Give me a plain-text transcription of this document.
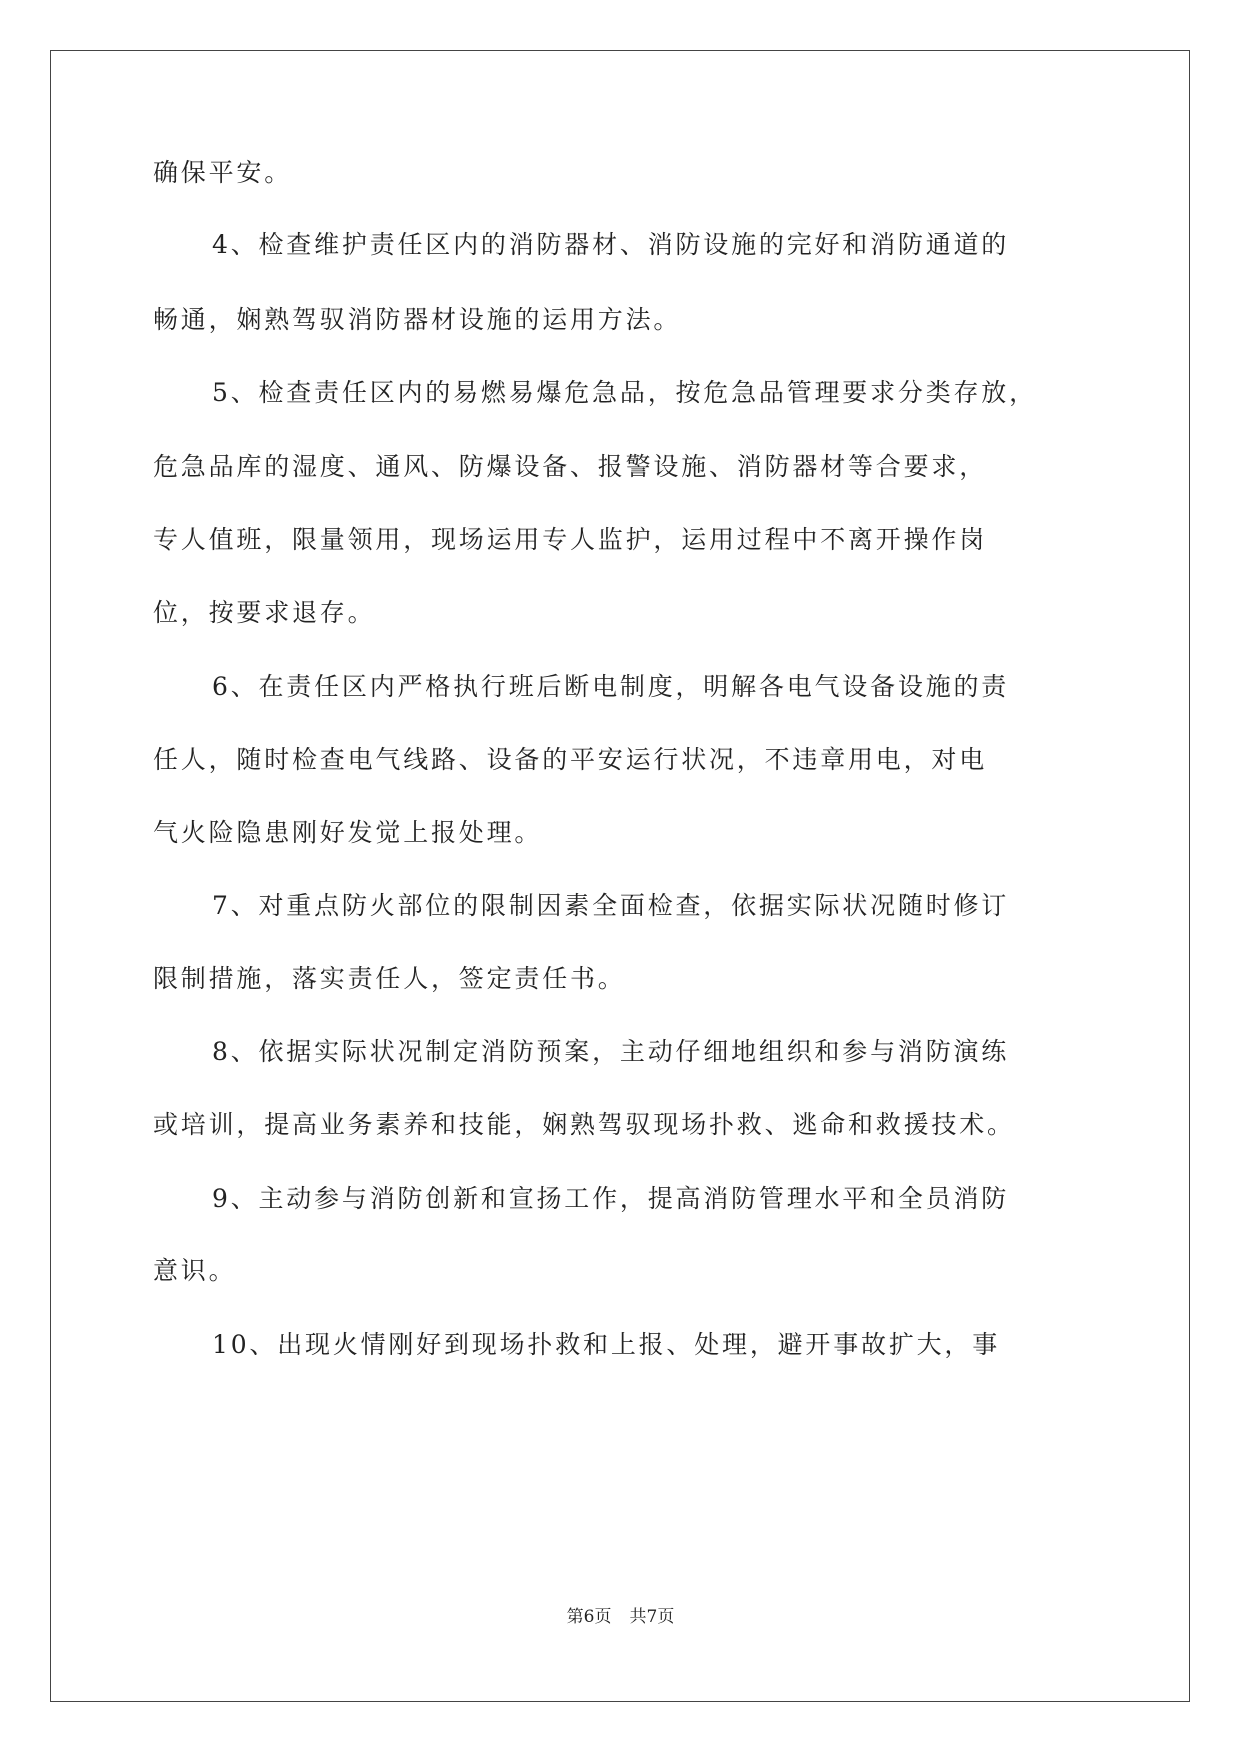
确保平安。
4、检查维护责任区内的消防器材、消防设施的完好和消防通道的
畅通，娴熟驾驭消防器材设施的运用方法。
5、检查责任区内的易燃易爆危急品，按危急品管理要求分类存放，
危急品库的湿度、通风、防爆设备、报警设施、消防器材等合要求，
专人值班，限量领用，现场运用专人监护，运用过程中不离开操作岗
位，按要求退存。
6、在责任区内严格执行班后断电制度，明解各电气设备设施的责
任人，随时检查电气线路、设备的平安运行状况，不违章用电，对电
气火险隐患刚好发觉上报处理。
7、对重点防火部位的限制因素全面检查，依据实际状况随时修订
限制措施，落实责任人，签定责任书。
8、依据实际状况制定消防预案，主动仔细地组织和参与消防演练
或培训，提高业务素养和技能，娴熟驾驭现场扑救、逃命和救援技术。
9、主动参与消防创新和宣扬工作，提高消防管理水平和全员消防
意识。
10、出现火情刚好到现场扑救和上报、处理，避开事故扩大，事
第6页 共7页
